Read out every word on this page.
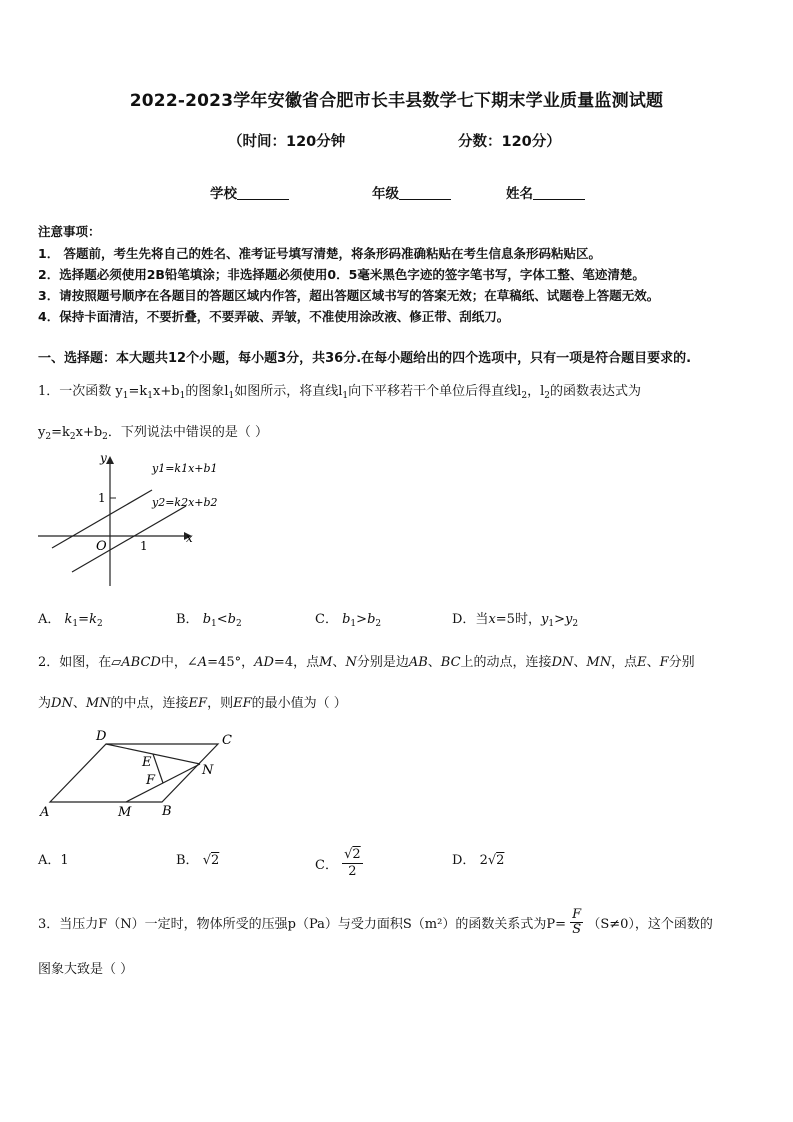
2022-2023学年安徽省合肥市长丰县数学七下期末学业质量监测试题
（时间：120分钟	分数：120分）
学校	年级	姓名
注意事项：
1． 答题前，考生先将自己的姓名、准考证号填写清楚，将条形码准确粘贴在考生信息条形码粘贴区。
2．选择题必须使用2B铅笔填涂；非选择题必须使用0．5毫米黑色字迹的签字笔书写，字体工整、笔迹清楚。
3．请按照题号顺序在各题目的答题区域内作答，超出答题区域书写的答案无效；在草稿纸、试题卷上答题无效。
4．保持卡面清洁，不要折叠，不要弄破、弄皱，不准使用涂改液、修正带、刮纸刀。
一、选择题：本大题共12个小题，每小题3分，共36分.在每小题给出的四个选项中，只有一项是符合题目要求的.
1．一次函数 $y_1=k_1x+b_1$的图象$l_1$如图所示，将直线$l_1$向下平移若干个单位后得直线$l_2$，$l_2$的函数表达式为
$y_2=k_2x+b_2$．下列说法中错误的是（ ）
1
1
O
x
y
y1=k1x+b1
y2=k2x+b2
A． $k_1=k_2$	B． $b_1<b_2$	C． $b_1>b_2$	D．当x=5时，$y_1>y_2$
2．如图，在▱ABCD中，∠A=45°，AD=4，点M、N分别是边AB、BC上的动点，连接DN、MN，点E、F分别
为DN、MN的中点，连接EF，则EF的最小值为（ ）
A	B
C
D
E
F
M
N
A．1	B． √2	C． $\frac{√2}{2}$	D． 2√2
3．当压力F（N）一定时，物体所受的压强p（Pa）与受力面积S（m²）的函数关系式为$P= \frac{F}{S} (S\ne 0)$，这个函数的
图象大致是（ ）
